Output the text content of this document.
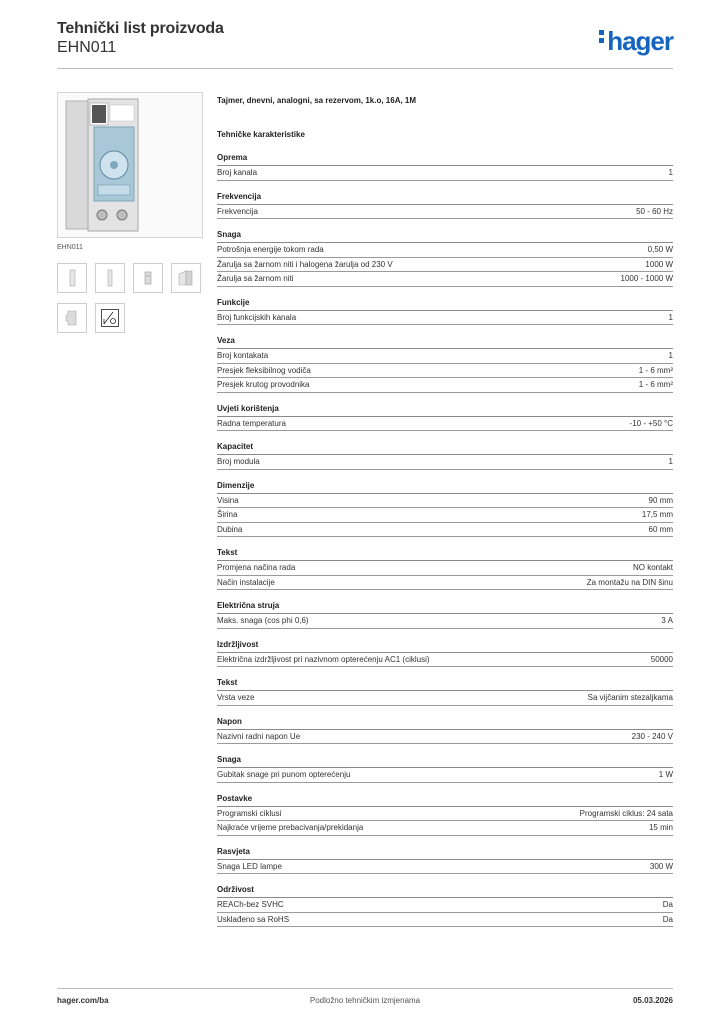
Tehnički list proizvoda
EHN011	hager
EHN011
Tajmer, dnevni, analogni, sa rezervom, 1k.o, 16A, 1M
Tehničke karakteristike
Oprema
Broj kanala	1
Frekvencija
Frekvencija	50 - 60 Hz
Snaga
Potrošnja energije tokom rada	0,50 W
Žarulja sa žarnom niti i halogena žarulja od 230 V	1000 W
Žarulja sa žarnom niti	1000 - 1000 W
Funkcije
Broj funkcijskih kanala	1
Veza
Broj kontakata	1
Presjek fleksibilnog vodiča	1 - 6 mm²
Presjek krutog provodnika	1 - 6 mm²
Uvjeti korištenja
Radna temperatura	-10 - +50 °C
Kapacitet
Broj modula	1
Dimenzije
Visina	90 mm
Širina	17,5 mm
Dubina	60 mm
Tekst
Promjena načina rada	NO kontakt
Način instalacije	Za montažu na DIN šinu
Električna struja
Maks. snaga (cos phi 0,6)	3 A
Izdržljivost
Električna izdržljivost pri nazivnom opterećenju AC1 (ciklusi)	50000
Tekst
Vrsta veze	Sa vijčanim stezaljkama
Napon
Nazivni radni napon Ue	230 - 240 V
Snaga
Gubitak snage pri punom opterećenju	1 W
Postavke
Programski ciklusi	Programski ciklus: 24 sata
Najkraće vrijeme prebacivanja/prekidanja	15 min
Rasvjeta
Snaga LED lampe	300 W
Održivost
REACh-bez SVHC	Da
Usklađeno sa RoHS	Da
hager.com/ba	Podložno tehničkim izmjenama	05.03.2026
